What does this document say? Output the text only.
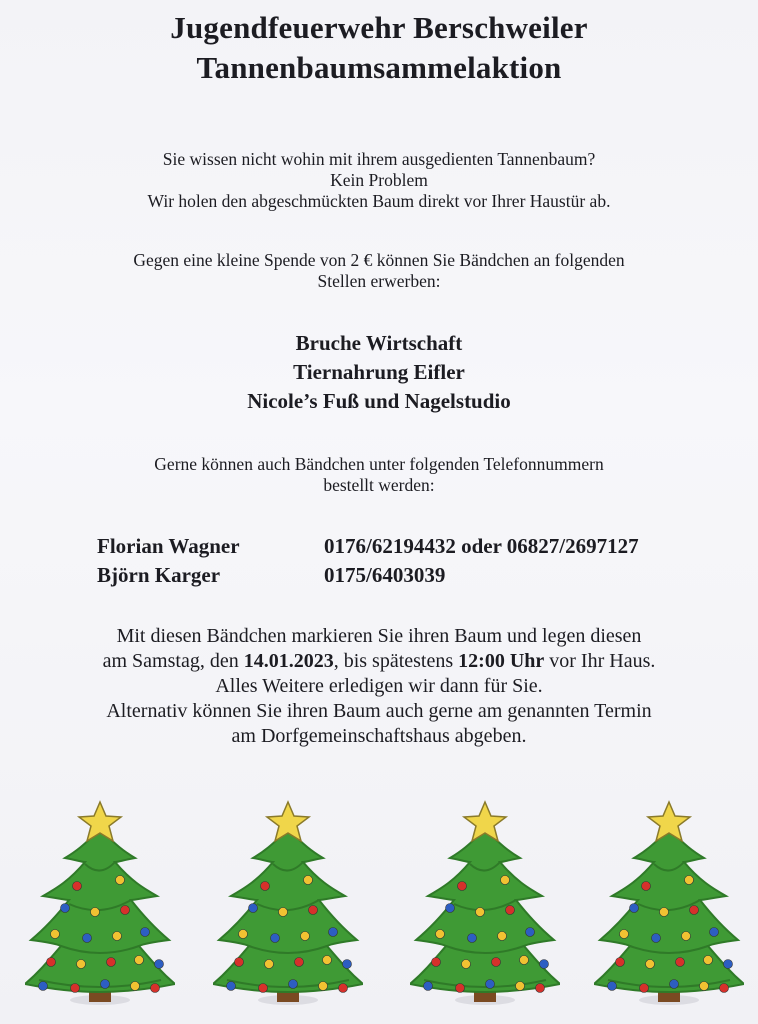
Jugendfeuerwehr Berschweiler
Tannenbaumsammelaktion
Sie wissen nicht wohin mit ihrem ausgedienten Tannenbaum?
Kein Problem
Wir holen den abgeschmückten Baum direkt vor Ihrer Haustür ab.
Gegen eine kleine Spende von 2 € können Sie Bändchen an folgenden
Stellen erwerben:
Bruche Wirtschaft
Tiernahrung Eifler
Nicole’s Fuß und Nagelstudio
Gerne können auch Bändchen unter folgenden Telefonnummern
bestellt werden:
Florian Wagner	0176/62194432 oder 06827/2697127
Björn Karger	0175/6403039
Mit diesen Bändchen markieren Sie ihren Baum und legen diesen
am Samstag, den 14.01.2023, bis spätestens 12:00 Uhr vor Ihr Haus.
Alles Weitere erledigen wir dann für Sie.
Alternativ können Sie ihren Baum auch gerne am genannten Termin
am Dorfgemeinschaftshaus abgeben.
